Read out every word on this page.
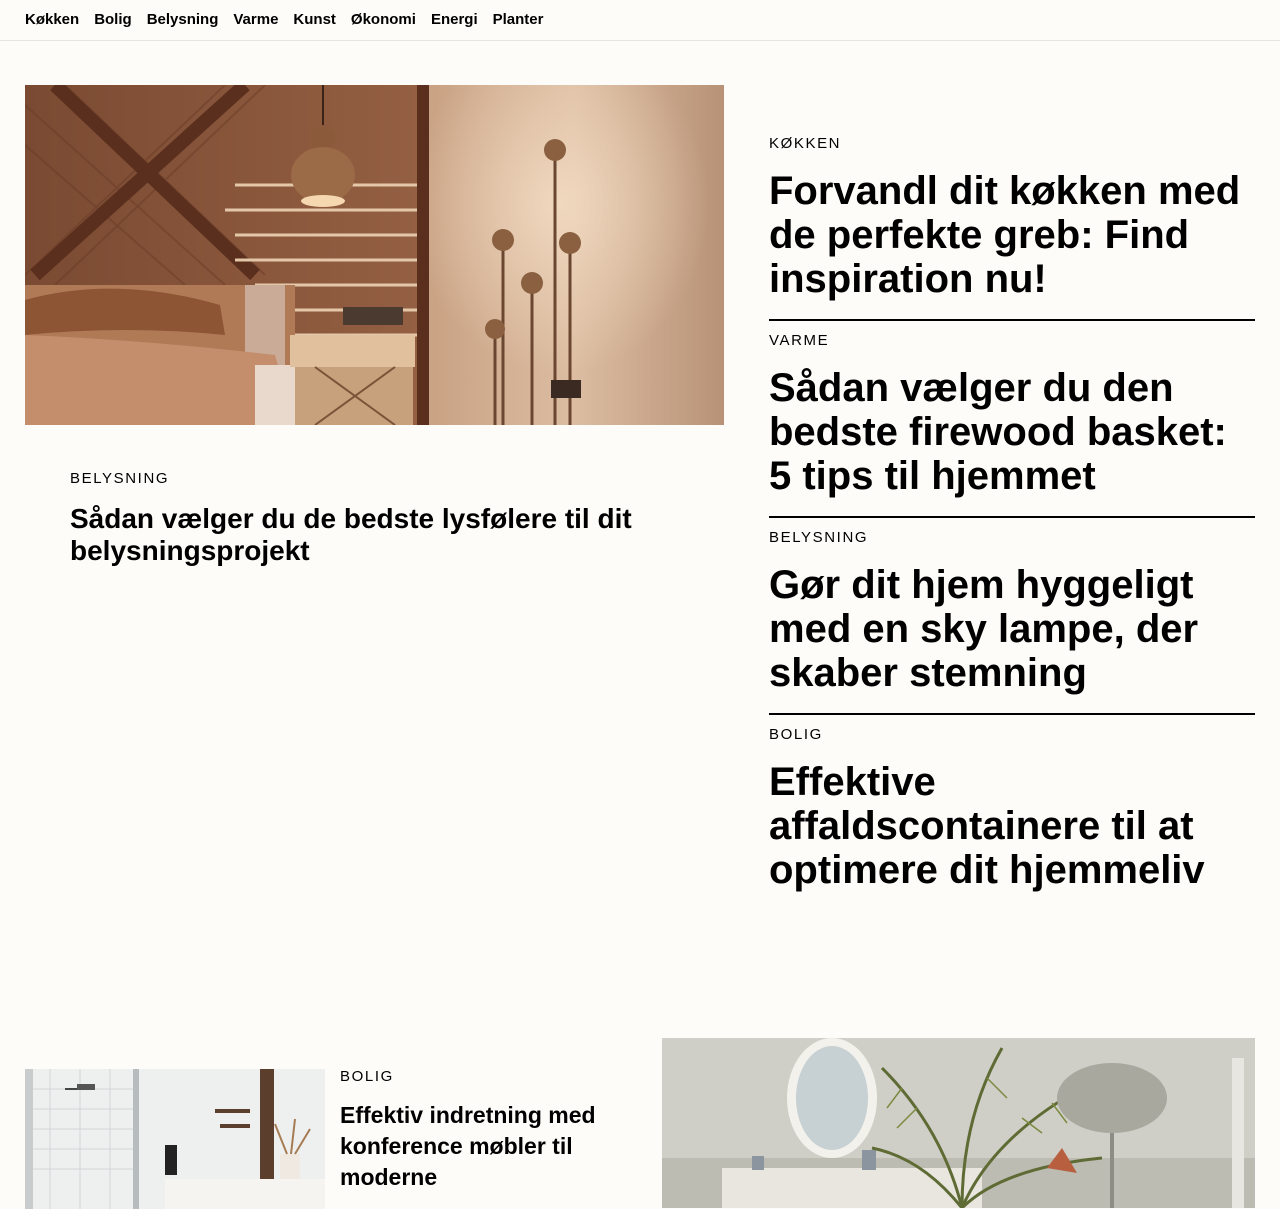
Køkken Bolig Belysning Varme Kunst Økonomi Energi Planter
BELYSNING
Sådan vælger du de bedste lysfølere til dit belysningsprojekt
KØKKEN
Forvandl dit køkken med de perfekte greb: Find inspiration nu!
VARME
Sådan vælger du den bedste firewood basket: 5 tips til hjemmet
BELYSNING
Gør dit hjem hyggeligt med en sky lampe, der skaber stemning
BOLIG
Effektive affaldscontainere til at optimere dit hjemmeliv
BOLIG
Effektiv indretning med konference møbler til moderne
